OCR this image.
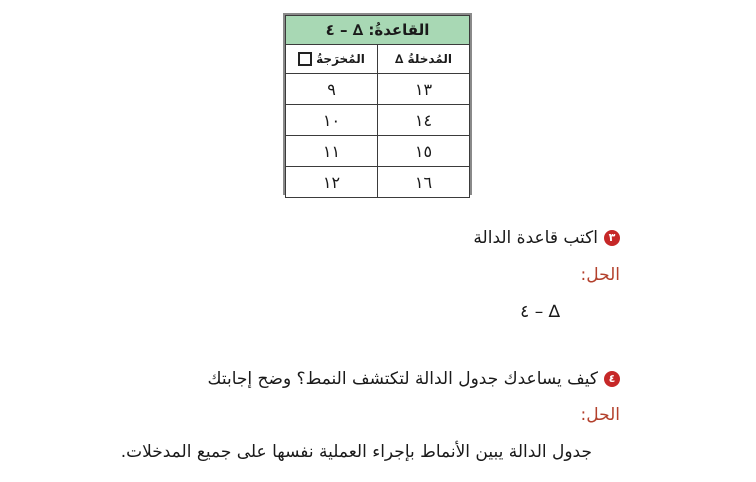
القاعدةُ: ∆ – ٤	
المُدخلةُ ∆	المُخرَجةُ
١٣	٩
١٤	١٠
١٥	١١
١٦	١٢
٣اكتب قاعدة الدالة
الحل:
∆ – ٤
٤كيف يساعدك جدول الدالة لتكتشف النمط؟ وضح إجابتك
الحل:
جدول الدالة يبين الأنماط بإجراء العملية نفسها على جميع المدخلات.
